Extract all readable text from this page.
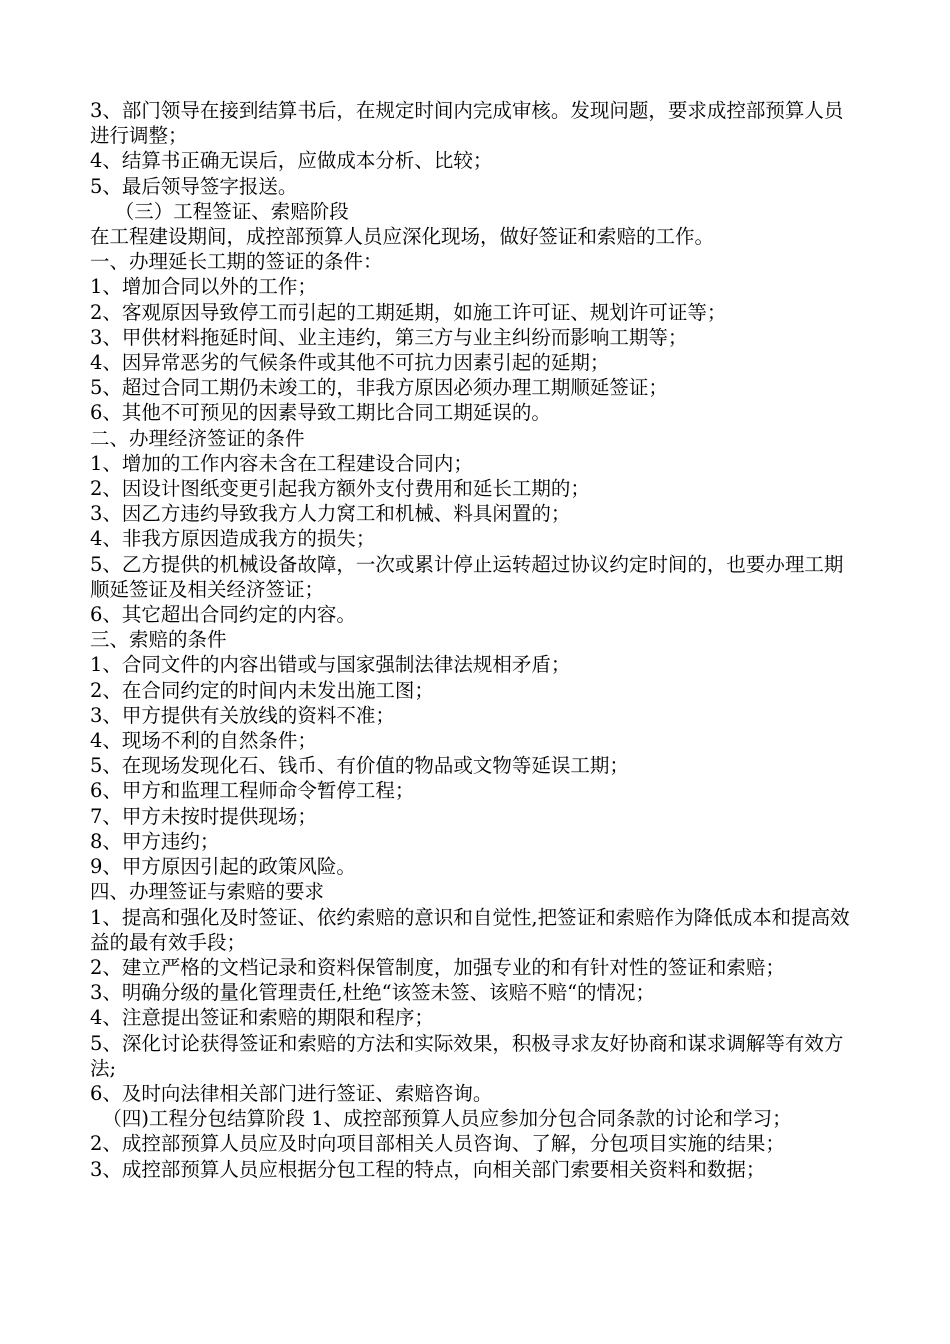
3、部门领导在接到结算书后，在规定时间内完成审核。发现问题，要求成控部预算人员进行调整；
4、结算书正确无误后，应做成本分析、比较；
5、最后领导签字报送。
（三）工程签证、索赔阶段
在工程建设期间，成控部预算人员应深化现场，做好签证和索赔的工作。
一、办理延长工期的签证的条件：
1、增加合同以外的工作；
2、客观原因导致停工而引起的工期延期，如施工许可证、规划许可证等；
3、甲供材料拖延时间、业主违约，第三方与业主纠纷而影响工期等；
4、因异常恶劣的气候条件或其他不可抗力因素引起的延期；
5、超过合同工期仍未竣工的，非我方原因必须办理工期顺延签证；
6、其他不可预见的因素导致工期比合同工期延误的。
二、办理经济签证的条件
1、增加的工作内容未含在工程建设合同内；
2、因设计图纸变更引起我方额外支付费用和延长工期的；
3、因乙方违约导致我方人力窝工和机械、料具闲置的；
4、非我方原因造成我方的损失；
5、乙方提供的机械设备故障，一次或累计停止运转超过协议约定时间的，也要办理工期顺延签证及相关经济签证；
6、其它超出合同约定的内容。
三、索赔的条件
1、合同文件的内容出错或与国家强制法律法规相矛盾；
2、在合同约定的时间内未发出施工图；
3、甲方提供有关放线的资料不准；
4、现场不利的自然条件；
5、在现场发现化石、钱币、有价值的物品或文物等延误工期；
6、甲方和监理工程师命令暂停工程；
7、甲方未按时提供现场；
8、甲方违约；
9、甲方原因引起的政策风险。
四、办理签证与索赔的要求
1、提高和强化及时签证、依约索赔的意识和自觉性,把签证和索赔作为降低成本和提高效益的最有效手段；
2、建立严格的文档记录和资料保管制度，加强专业的和有针对性的签证和索赔；
3、明确分级的量化管理责任,杜绝“该签未签、该赔不赔“的情况；
4、注意提出签证和索赔的期限和程序；
5、深化讨论获得签证和索赔的方法和实际效果，积极寻求友好协商和谋求调解等有效方法;
6、及时向法律相关部门进行签证、索赔咨询。
（四)工程分包结算阶段 1、成控部预算人员应参加分包合同条款的讨论和学习；
2、成控部预算人员应及时向项目部相关人员咨询、了解，分包项目实施的结果；
3、成控部预算人员应根据分包工程的特点，向相关部门索要相关资料和数据；
